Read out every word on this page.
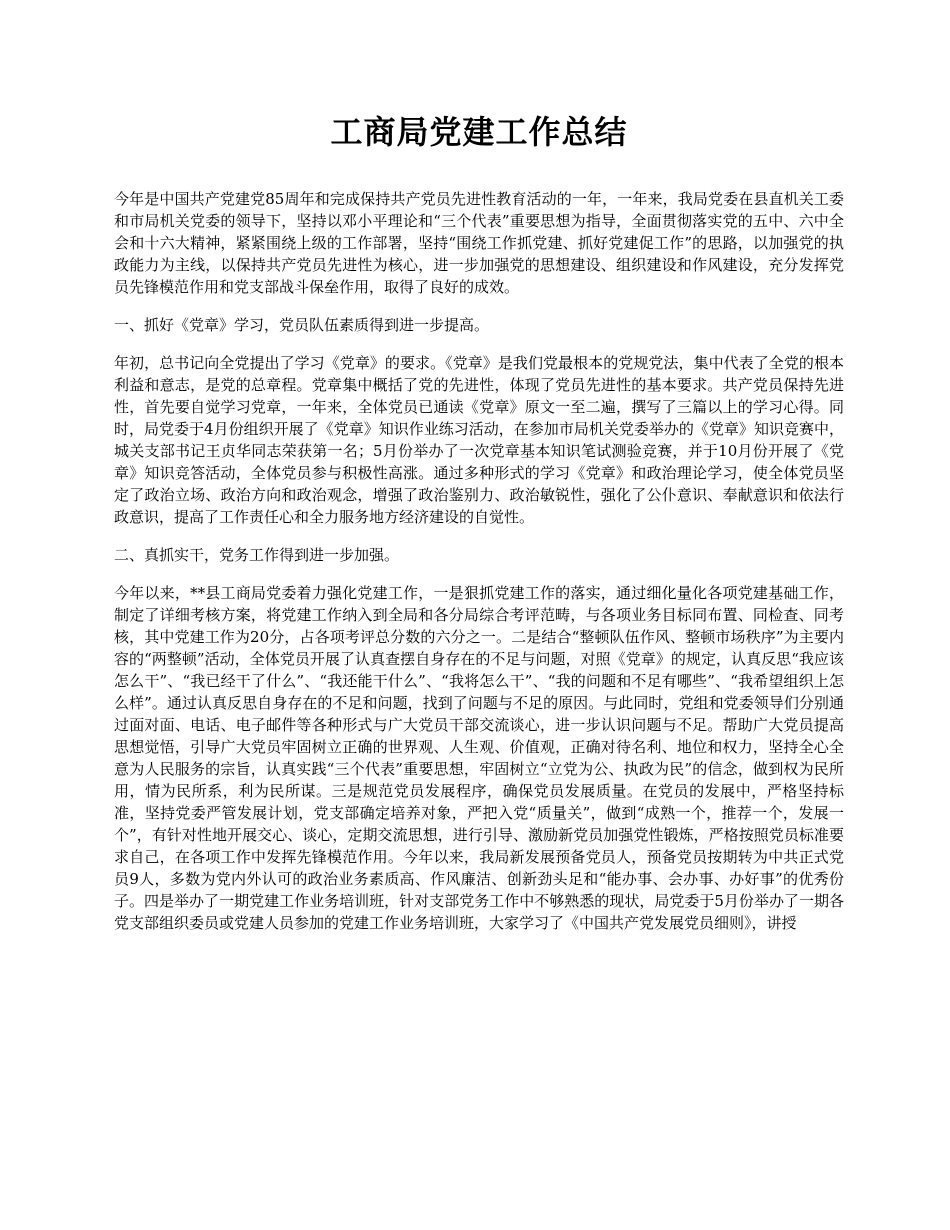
工商局党建工作总结

今年是中国共产党建党85周年和完成保持共产党员先进性教育活动的一年，一年来，我局党委在县直机关工委和市局机关党委的领导下，坚持以邓小平理论和“三个代表”重要思想为指导，全面贯彻落实党的五中、六中全会和十六大精神，紧紧围绕上级的工作部署，坚持“围绕工作抓党建、抓好党建促工作”的思路，以加强党的执政能力为主线，以保持共产党员先进性为核心，进一步加强党的思想建设、组织建设和作风建设，充分发挥党员先锋模范作用和党支部战斗保垒作用，取得了良好的成效。

一、抓好《党章》学习，党员队伍素质得到进一步提高。

年初，总书记向全党提出了学习《党章》的要求。《党章》是我们党最根本的党规党法，集中代表了全党的根本利益和意志，是党的总章程。党章集中概括了党的先进性，体现了党员先进性的基本要求。共产党员保持先进性，首先要自觉学习党章，一年来，全体党员已通读《党章》原文一至二遍，撰写了三篇以上的学习心得。同时，局党委于4月份组织开展了《党章》知识作业练习活动，在参加市局机关党委举办的《党章》知识竞赛中，城关支部书记王贞华同志荣获第一名；5月份举办了一次党章基本知识笔试测验竞赛，并于10月份开展了《党章》知识竞答活动，全体党员参与积极性高涨。通过多种形式的学习《党章》和政治理论学习，使全体党员坚定了政治立场、政治方向和政治观念，增强了政治鉴别力、政治敏锐性，强化了公仆意识、奉献意识和依法行政意识，提高了工作责任心和全力服务地方经济建设的自觉性。

二、真抓实干，党务工作得到进一步加强。

今年以来，**县工商局党委着力强化党建工作，一是狠抓党建工作的落实，通过细化量化各项党建基础工作，制定了详细考核方案，将党建工作纳入到全局和各分局综合考评范畴，与各项业务目标同布置、同检查、同考核，其中党建工作为20分，占各项考评总分数的六分之一。二是结合“整顿队伍作风、整顿市场秩序”为主要内容的“两整顿”活动，全体党员开展了认真查摆自身存在的不足与问题，对照《党章》的规定，认真反思“我应该怎么干”、“我已经干了什么”、“我还能干什么”、“我将怎么干”、“我的问题和不足有哪些”、“我希望组织上怎么样”。通过认真反思自身存在的不足和问题，找到了问题与不足的原因。与此同时，党组和党委领导们分别通过面对面、电话、电子邮件等各种形式与广大党员干部交流谈心，进一步认识问题与不足。帮助广大党员提高思想觉悟，引导广大党员牢固树立正确的世界观、人生观、价值观，正确对待名利、地位和权力，坚持全心全意为人民服务的宗旨，认真实践“三个代表”重要思想，牢固树立“立党为公、执政为民”的信念，做到权为民所用，情为民所系，利为民所谋。三是规范党员发展程序，确保党员发展质量。在党员的发展中，严格坚持标准，坚持党委严管发展计划，党支部确定培养对象，严把入党“质量关”，做到“成熟一个，推荐一个，发展一个”，有针对性地开展交心、谈心，定期交流思想，进行引导、激励新党员加强党性锻炼，严格按照党员标准要求自己，在各项工作中发挥先锋模范作用。今年以来，我局新发展预备党员人，预备党员按期转为中共正式党员9人，多数为党内外认可的政治业务素质高、作风廉洁、创新劲头足和“能办事、会办事、办好事”的优秀份子。四是举办了一期党建工作业务培训班，针对支部党务工作中不够熟悉的现状，局党委于5月份举办了一期各党支部组织委员或党建人员参加的党建工作业务培训班，大家学习了《中国共产党发展党员细则》，讲授
